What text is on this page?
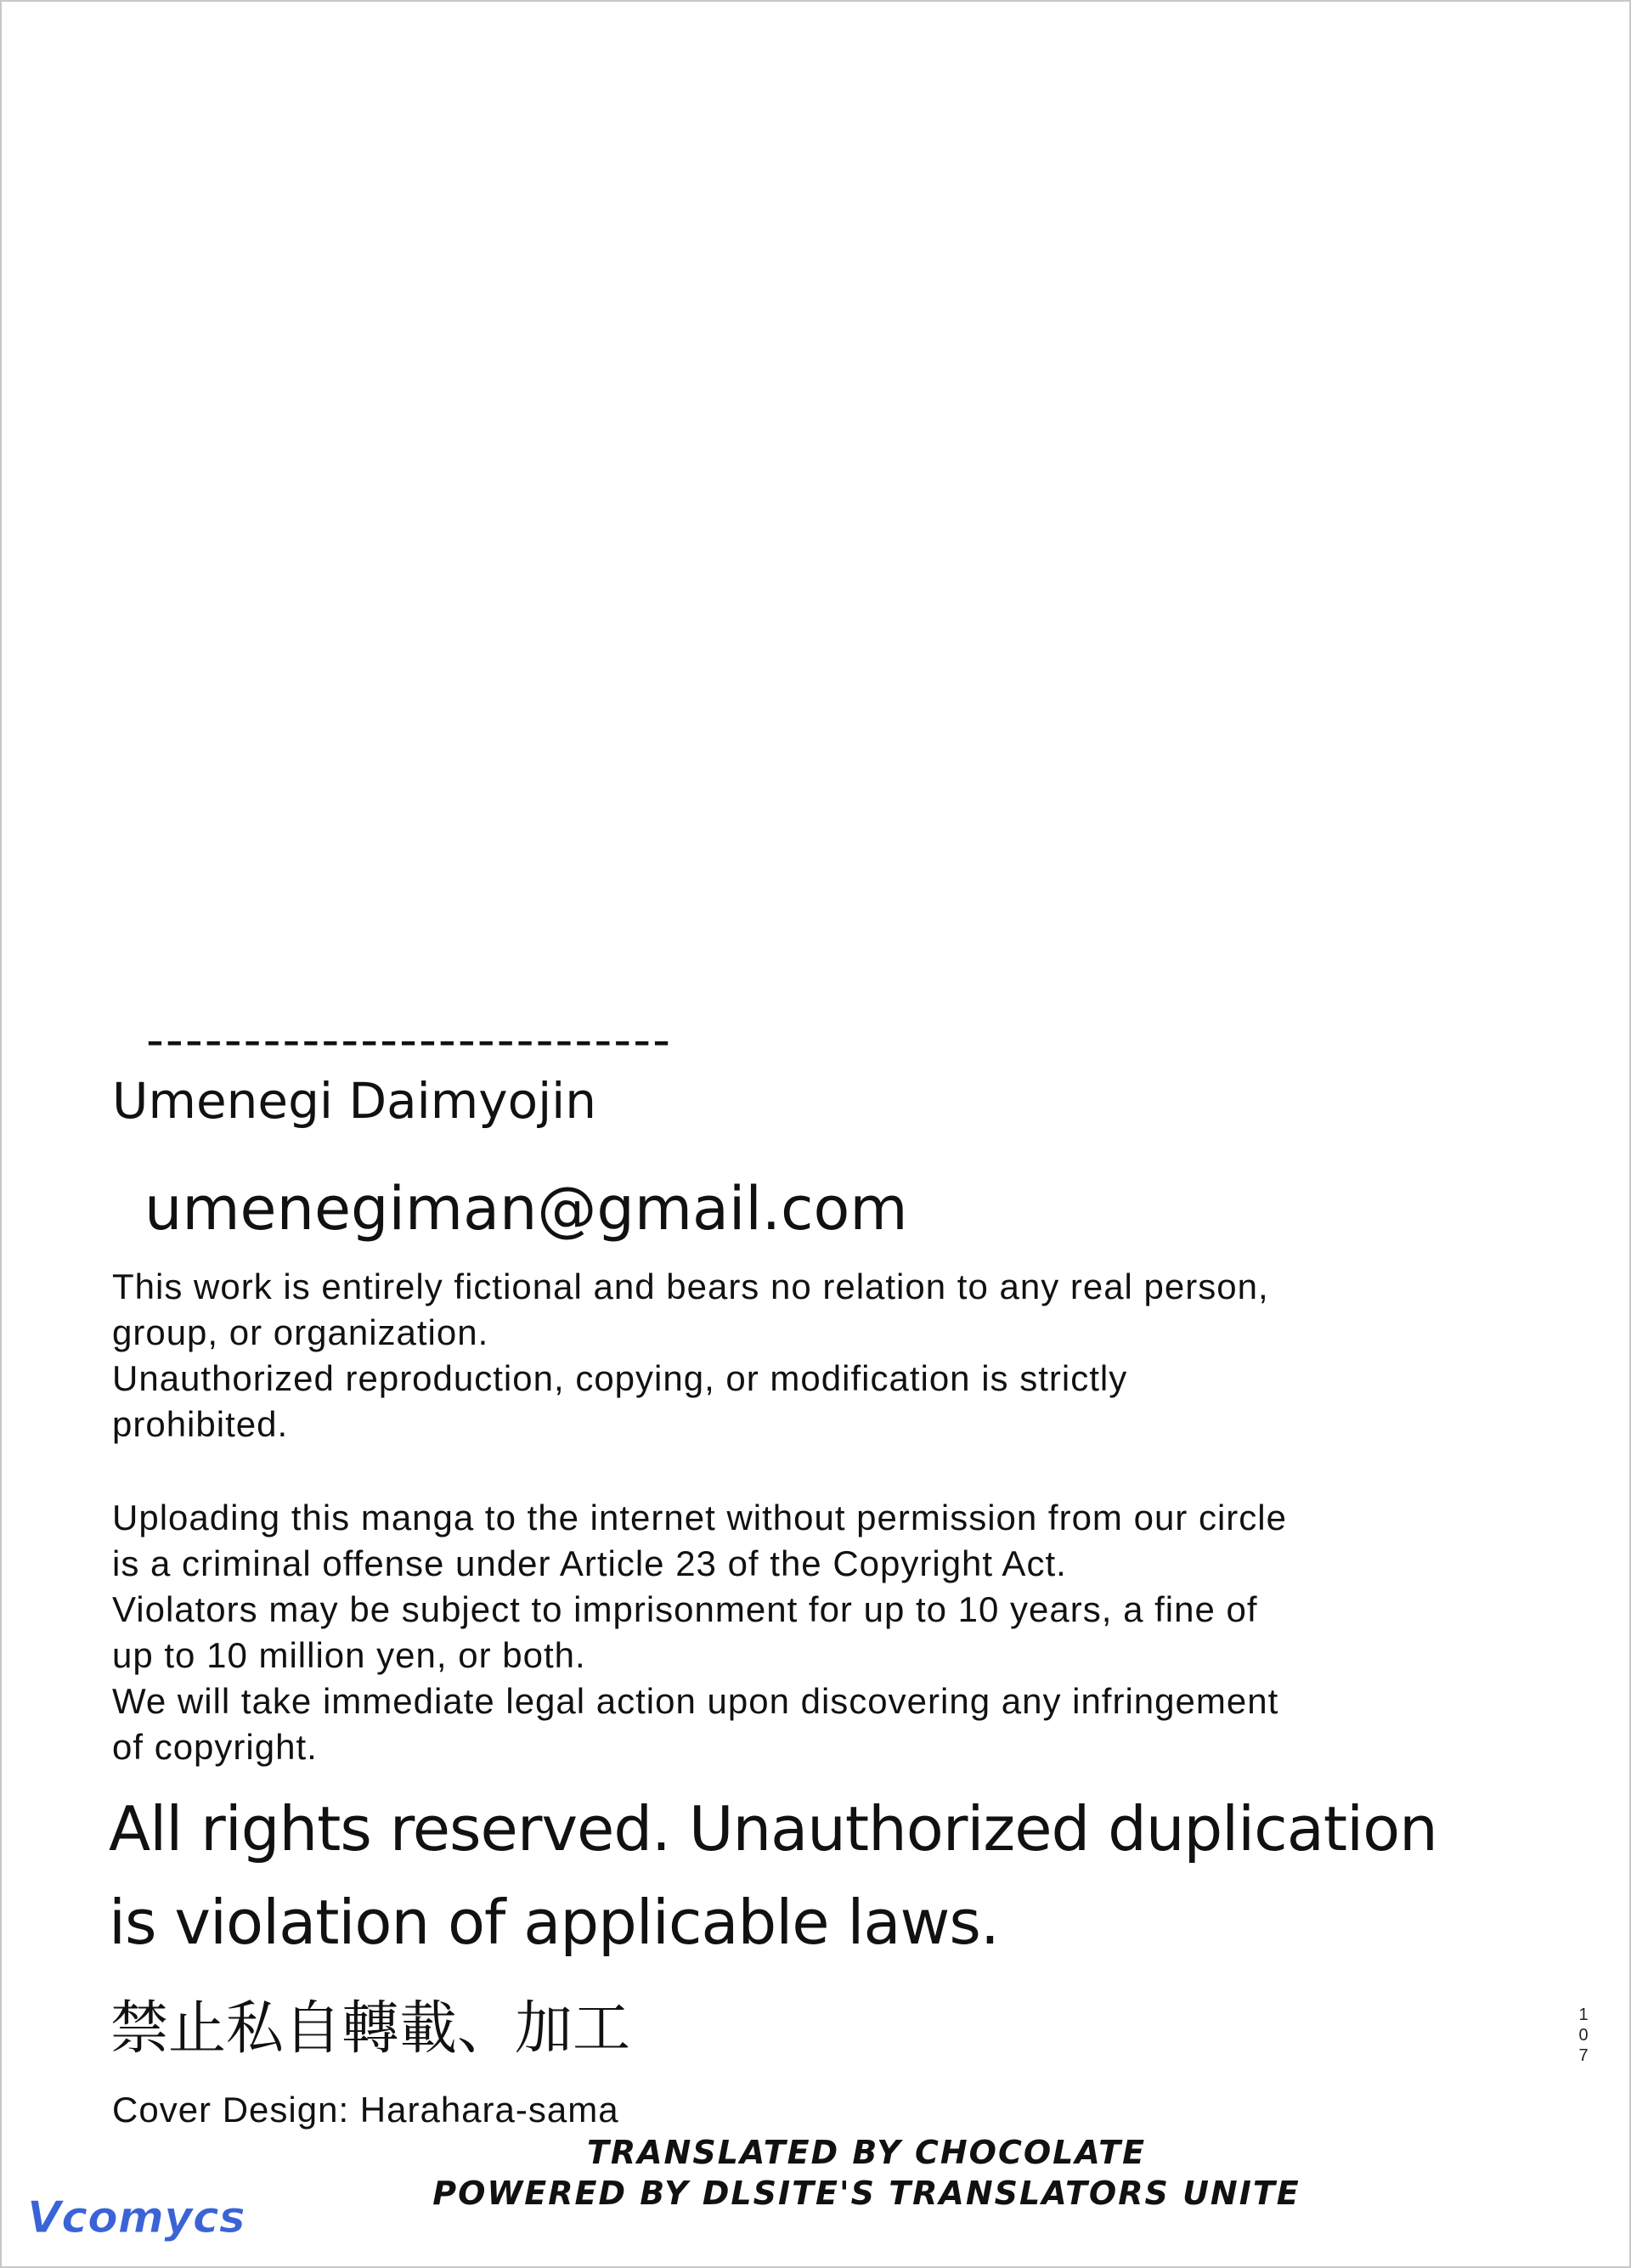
---------------------------
Umenegi Daimyojin
umenegiman@gmail.com
This work is entirely fictional and bears no relation to any real person,
group, or organization.
Unauthorized reproduction, copying, or modification is strictly
prohibited.
Uploading this manga to the internet without permission from our circle
is a criminal offense under Article 23 of the Copyright Act.
Violators may be subject to imprisonment for up to 10 years, a fine of
up to 10 million yen, or both.
We will take immediate legal action upon discovering any infringement
of copyright.
All rights reserved. Unauthorized duplication
is violation of applicable laws.
禁止私自轉載、加工
Cover Design: Harahara-sama
107
TRANSLATED BY CHOCOLATE
POWERED BY DLSITE'S TRANSLATORS UNITE
Vcomycs
